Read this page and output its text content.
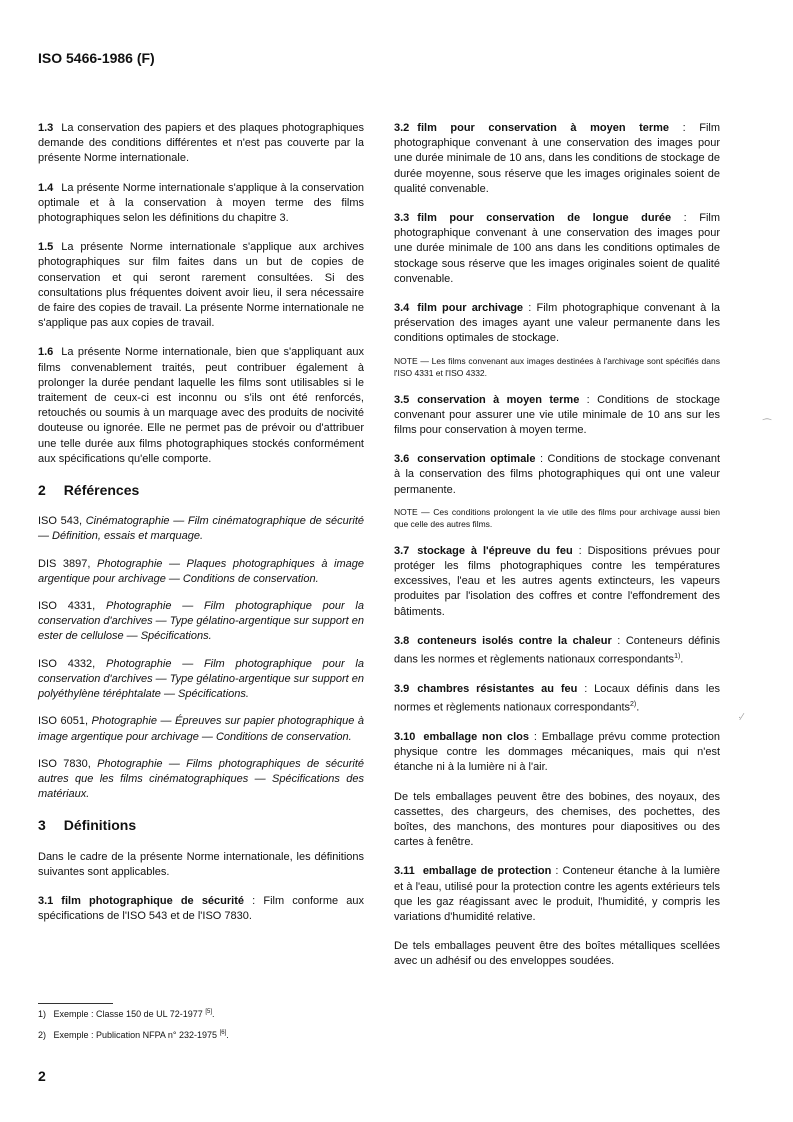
ISO 5466-1986 (F)

1.3 La conservation des papiers et des plaques photographiques demande des conditions différentes et n'est pas couverte par la présente Norme internationale.

1.4 La présente Norme internationale s'applique à la conservation optimale et à la conservation à moyen terme des films photographiques selon les définitions du chapitre 3.

1.5 La présente Norme internationale s'applique aux archives photographiques sur film faites dans un but de copies de conservation et qui seront rarement consultées. Si des consultations plus fréquentes doivent avoir lieu, il sera nécessaire de faire des copies de travail. La présente Norme internationale ne s'applique pas aux copies de travail.

1.6 La présente Norme internationale, bien que s'appliquant aux films convenablement traités, peut contribuer également à prolonger la durée pendant laquelle les films sont utilisables si le traitement de ceux-ci est inconnu ou s'ils ont été renforcés, retouchés ou soumis à un marquage avec des produits de nocivité douteuse ou ignorée. Elle ne permet pas de prévoir ou d'attribuer une telle durée aux films photographiques stockés conformément aux spécifications qu'elle comporte.

2 Références

ISO 543, Cinématographie — Film cinématographique de sécurité — Définition, essais et marquage.

DIS 3897, Photographie — Plaques photographiques à image argentique pour archivage — Conditions de conservation.

ISO 4331, Photographie — Film photographique pour la conservation d'archives — Type gélatino-argentique sur support en ester de cellulose — Spécifications.

ISO 4332, Photographie — Film photographique pour la conservation d'archives — Type gélatino-argentique sur support en polyéthylène téréphtalate — Spécifications.

ISO 6051, Photographie — Épreuves sur papier photographique à image argentique pour archivage — Conditions de conservation.

ISO 7830, Photographie — Films photographiques de sécurité autres que les films cinématographiques — Spécifications des matériaux.

3 Définitions

Dans le cadre de la présente Norme internationale, les définitions suivantes sont applicables.

3.1 film photographique de sécurité : Film conforme aux spécifications de l'ISO 543 et de l'ISO 7830.

3.2 film pour conservation à moyen terme : Film photographique convenant à une conservation des images pour une durée minimale de 10 ans, dans les conditions de stockage de durée moyenne, sous réserve que les images originales soient de qualité convenable.

3.3 film pour conservation de longue durée : Film photographique convenant à une conservation des images pour une durée minimale de 100 ans dans les conditions optimales de stockage sous réserve que les images originales soient de qualité convenable.

3.4 film pour archivage : Film photographique convenant à la préservation des images ayant une valeur permanente dans les conditions optimales de stockage.

NOTE — Les films convenant aux images destinées à l'archivage sont spécifiés dans l'ISO 4331 et l'ISO 4332.

3.5 conservation à moyen terme : Conditions de stockage convenant pour assurer une vie utile minimale de 10 ans sur les films pour conservation à moyen terme.

3.6 conservation optimale : Conditions de stockage convenant à la conservation des films photographiques qui ont une valeur permanente.

NOTE — Ces conditions prolongent la vie utile des films pour archivage aussi bien que celle des autres films.

3.7 stockage à l'épreuve du feu : Dispositions prévues pour protéger les films photographiques contre les températures excessives, l'eau et les autres agents extincteurs, les vapeurs produites par l'isolation des coffres et contre l'effondrement des bâtiments.

3.8 conteneurs isolés contre la chaleur : Conteneurs définis dans les normes et règlements nationaux correspondants$^{1)}$.

3.9 chambres résistantes au feu : Locaux définis dans les normes et règlements nationaux correspondants$^{2)}$.

3.10 emballage non clos : Emballage prévu comme protection physique contre les dommages mécaniques, mais qui n'est étanche ni à la lumière ni à l'air.

De tels emballages peuvent être des bobines, des noyaux, des cassettes, des chargeurs, des chemises, des pochettes, des boîtes, des manchons, des montures pour diapositives ou des cartes à fenêtre.

3.11 emballage de protection : Conteneur étanche à la lumière et à l'eau, utilisé pour la protection contre les agents extérieurs tels que les gaz réagissant avec le produit, l'humidité, y compris les variations d'humidité relative.

De tels emballages peuvent être des boîtes métalliques scellées avec un adhésif ou des enveloppes soudées.

⁔
·∕
1) Exemple : Classe 150 de UL 72-1977 [5].
2) Exemple : Publication NFPA n° 232-1975 [6].
2
